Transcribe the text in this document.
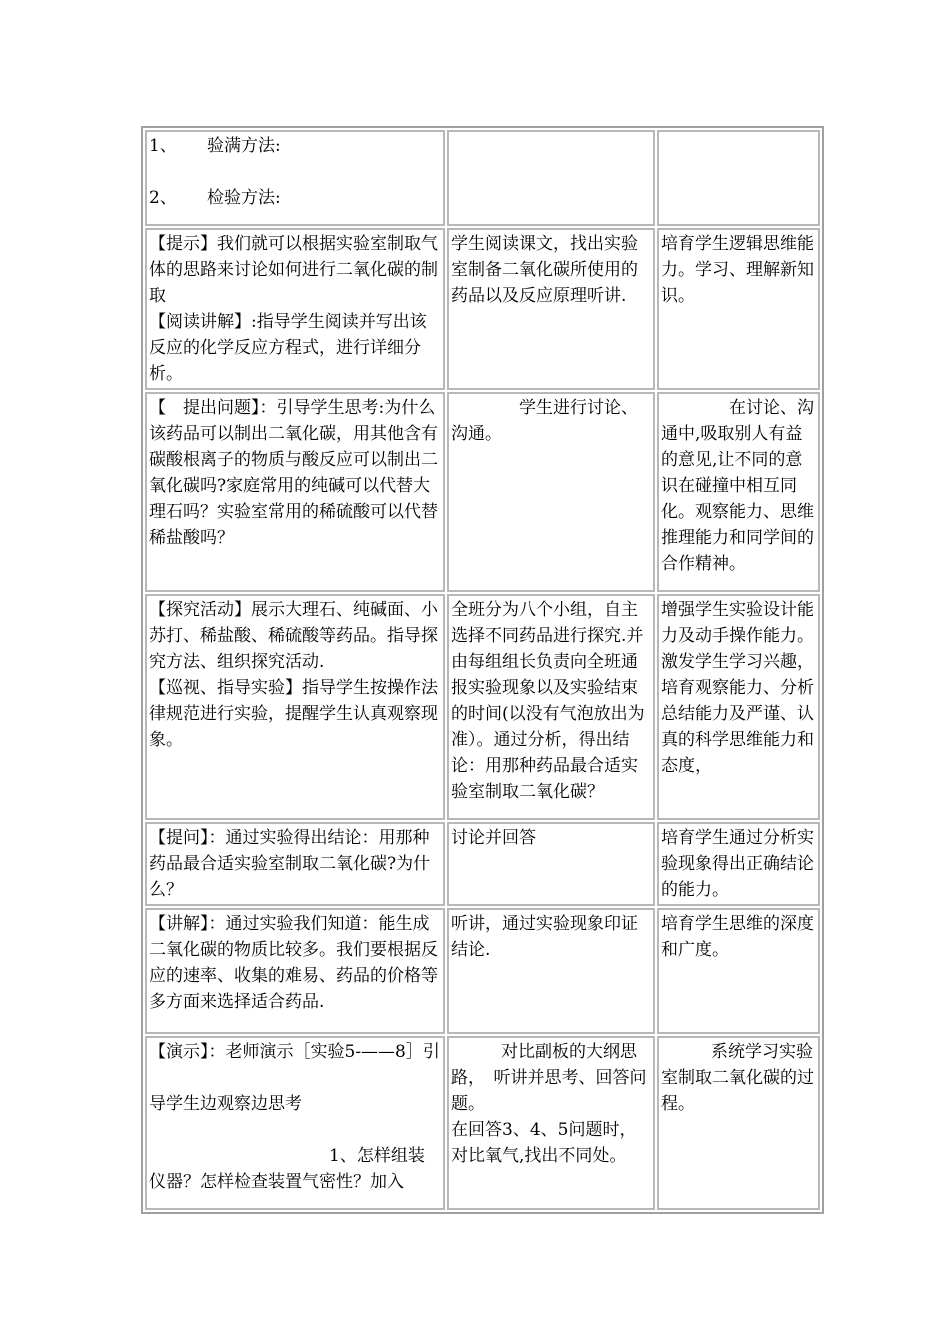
1、 验满方法:
2、 检验方法:		

【提示】我们就可以根据实验室制取气体的思路来讨论如何进行二氧化碳的制取
【阅读讲解】:指导学生阅读并写出该反应的化学反应方程式，进行详细分析。	学生阅读课文，找出实验室制备二氧化碳所使用的药品以及反应原理听讲.	培育学生逻辑思维能力。学习、理解新知识。

【　提出问题】：引导学生思考:为什么该药品可以制出二氧化碳，用其他含有碳酸根离子的物质与酸反应可以制出二氧化碳吗?家庭常用的纯碱可以代替大理石吗？实验室常用的稀硫酸可以代替稀盐酸吗？	学生进行讨论、沟通。	在讨论、沟通中,吸取别人有益的意见,让不同的意识在碰撞中相互同化。观察能力、思维推理能力和同学间的合作精神。

【探究活动】展示大理石、纯碱面、小苏打、稀盐酸、稀硫酸等药品。指导探究方法、组织探究活动.
【巡视、指导实验】指导学生按操作法律规范进行实验，提醒学生认真观察现象。	全班分为八个小组，自主选择不同药品进行探究.并由每组组长负责向全班通报实验现象以及实验结束的时间(以没有气泡放出为准）。通过分析，得出结论：用那种药品最合适实验室制取二氧化碳？	增强学生实验设计能力及动手操作能力。
激发学生学习兴趣，培育观察能力、分析总结能力及严谨、认真的科学思维能力和态度，

【提问】：通过实验得出结论：用那种药品最合适实验室制取二氧化碳?为什么？	讨论并回答	培育学生通过分析实验现象得出正确结论的能力。

【讲解】：通过实验我们知道：能生成二氧化碳的物质比较多。我们要根据反应的速率、收集的难易、药品的价格等多方面来选择适合药品.	听讲，通过实验现象印证结论.	培育学生思维的深度和广度。

【演示】：老师演示［实验5-——8］引
导学生边观察边思考
1、怎样组装仪器？怎样检查装置气密性？加入	对比副板的大纲思路，　听讲并思考、回答问题。
在回答3、4、5问题时，对比氧气,找出不同处。	系统学习实验室制取二氧化碳的过程。
